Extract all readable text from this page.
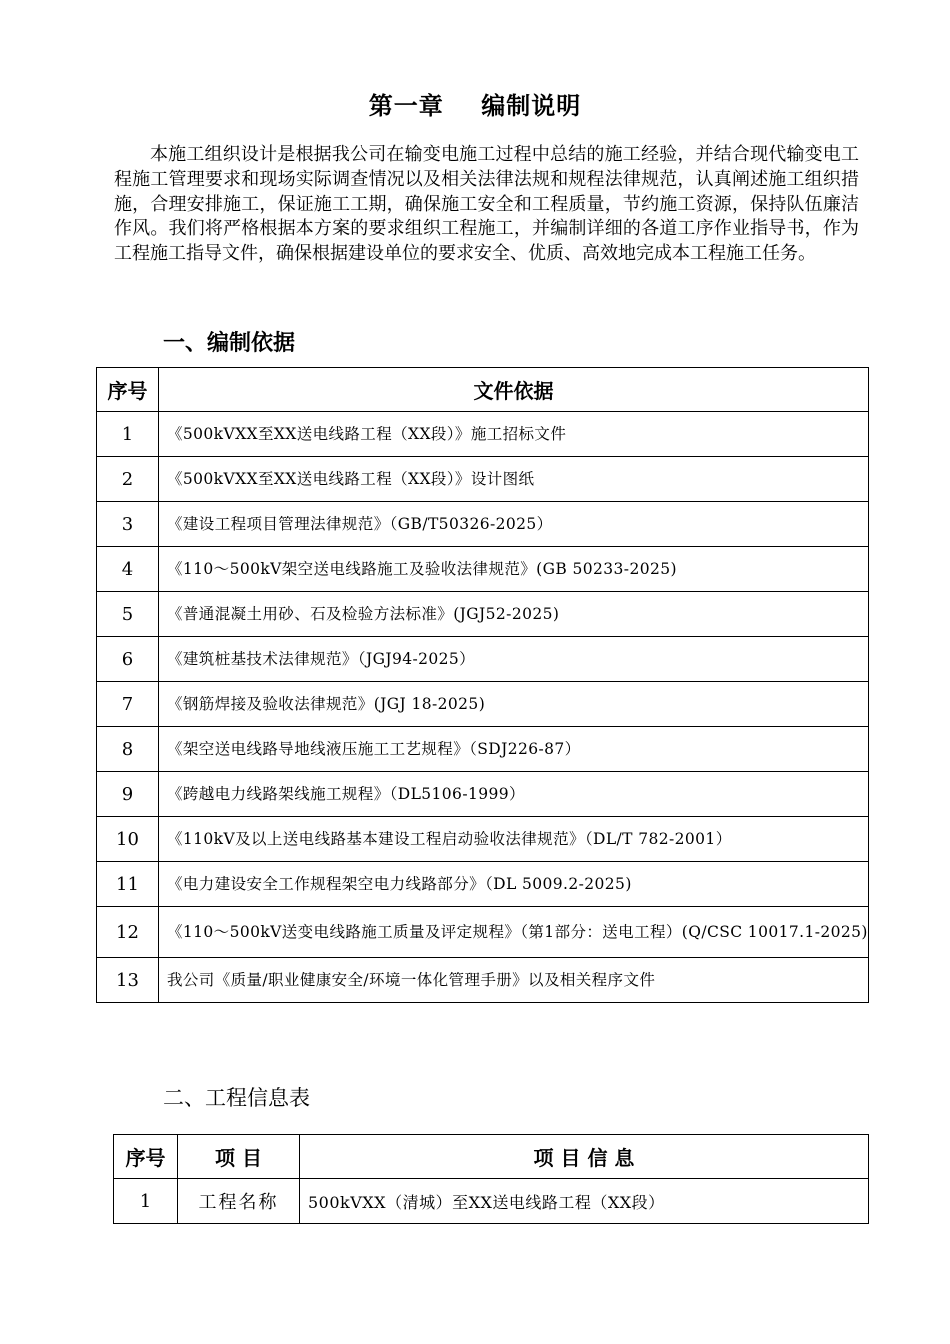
第一章    编制说明

本施工组织设计是根据我公司在输变电施工过程中总结的施工经验，并结合现代输变电工程施工管理要求和现场实际调查情况以及相关法律法规和规程法律规范，认真阐述施工组织措施，合理安排施工，保证施工工期，确保施工安全和工程质量，节约施工资源，保持队伍廉洁作风。我们将严格根据本方案的要求组织工程施工，并编制详细的各道工序作业指导书，作为工程施工指导文件，确保根据建设单位的要求安全、优质、高效地完成本工程施工任务。

一、编制依据
序号	文件依据
1	《500kVXX至XX送电线路工程（XX段）》施工招标文件
2	《500kVXX至XX送电线路工程（XX段）》设计图纸
3	《建设工程项目管理法律规范》（GB/T50326-2025）
4	《110～500kV架空送电线路施工及验收法律规范》(GB 50233-2025)
5	《普通混凝土用砂、石及检验方法标准》(JGJ52-2025)
6	《建筑桩基技术法律规范》（JGJ94-2025）
7	《钢筋焊接及验收法律规范》(JGJ 18-2025)
8	《架空送电线路导地线液压施工工艺规程》（SDJ226-87）
9	《跨越电力线路架线施工规程》（DL5106-1999）
10	《110kV及以上送电线路基本建设工程启动验收法律规范》（DL/T 782-2001）
11	《电力建设安全工作规程架空电力线路部分》（DL 5009.2-2025)
12	《110～500kV送变电线路施工质量及评定规程》（第1部分：送电工程）(Q/CSC 10017.1-2025)
13	我公司《质量/职业健康安全/环境一体化管理手册》以及相关程序文件
二、工程信息表
序号	项 目	项 目 信 息
1	工程名称	500kVXX（清城）至XX送电线路工程（XX段）
